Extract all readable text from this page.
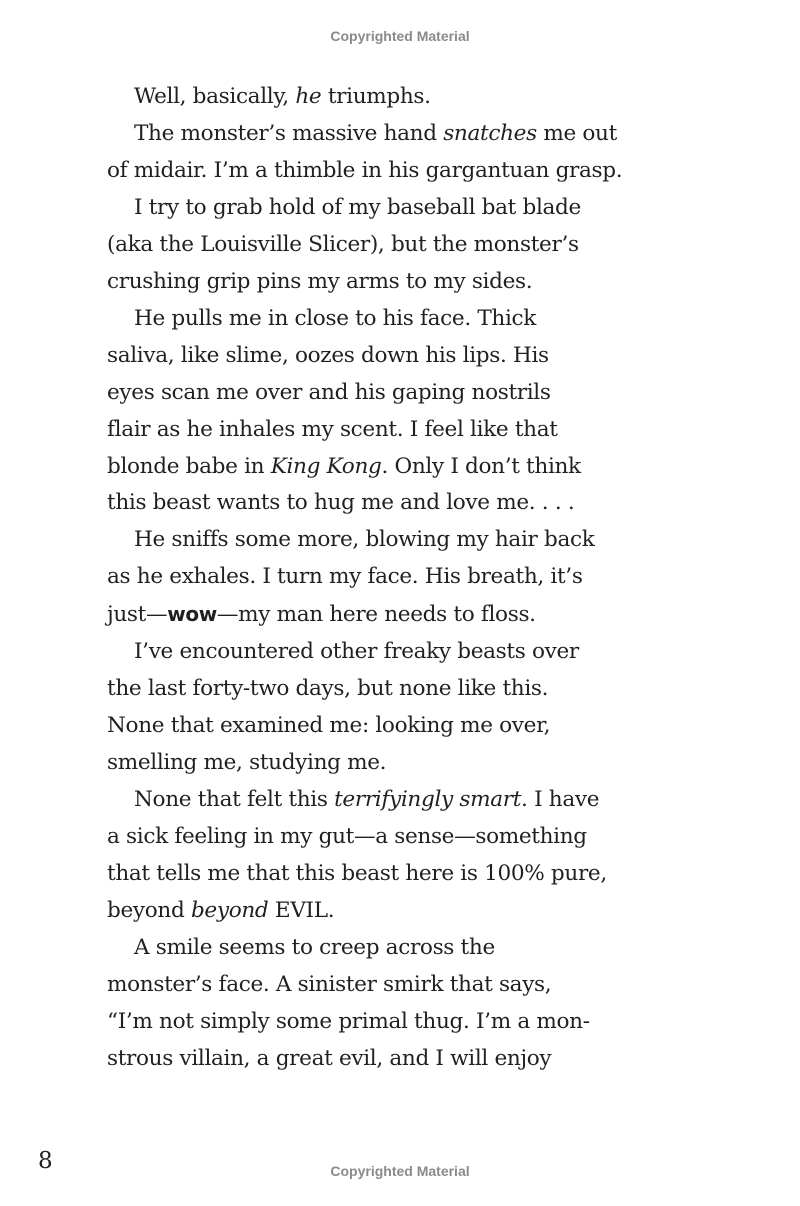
Copyrighted Material
Well, basically, he triumphs.
The monster’s massive hand snatches me out
of midair. I’m a thimble in his gargantuan grasp.
I try to grab hold of my baseball bat blade
(aka the Louisville Slicer), but the monster’s
crushing grip pins my arms to my sides.
He pulls me in close to his face. Thick
saliva, like slime, oozes down his lips. His
eyes scan me over and his gaping nostrils
flair as he inhales my scent. I feel like that
blonde babe in King Kong. Only I don’t think
this beast wants to hug me and love me. . . .
He sniffs some more, blowing my hair back
as he exhales. I turn my face. His breath, it’s
just—wow—my man here needs to floss.
I’ve encountered other freaky beasts over
the last forty-two days, but none like this.
None that examined me: looking me over,
smelling me, studying me.
None that felt this terrifyingly smart. I have
a sick feeling in my gut—a sense—something
that tells me that this beast here is 100% pure,
beyond beyond EVIL.
A smile seems to creep across the
monster’s face. A sinister smirk that says,
“I’m not simply some primal thug. I’m a mon-
strous villain, a great evil, and I will enjoy
8	Copyrighted Material
